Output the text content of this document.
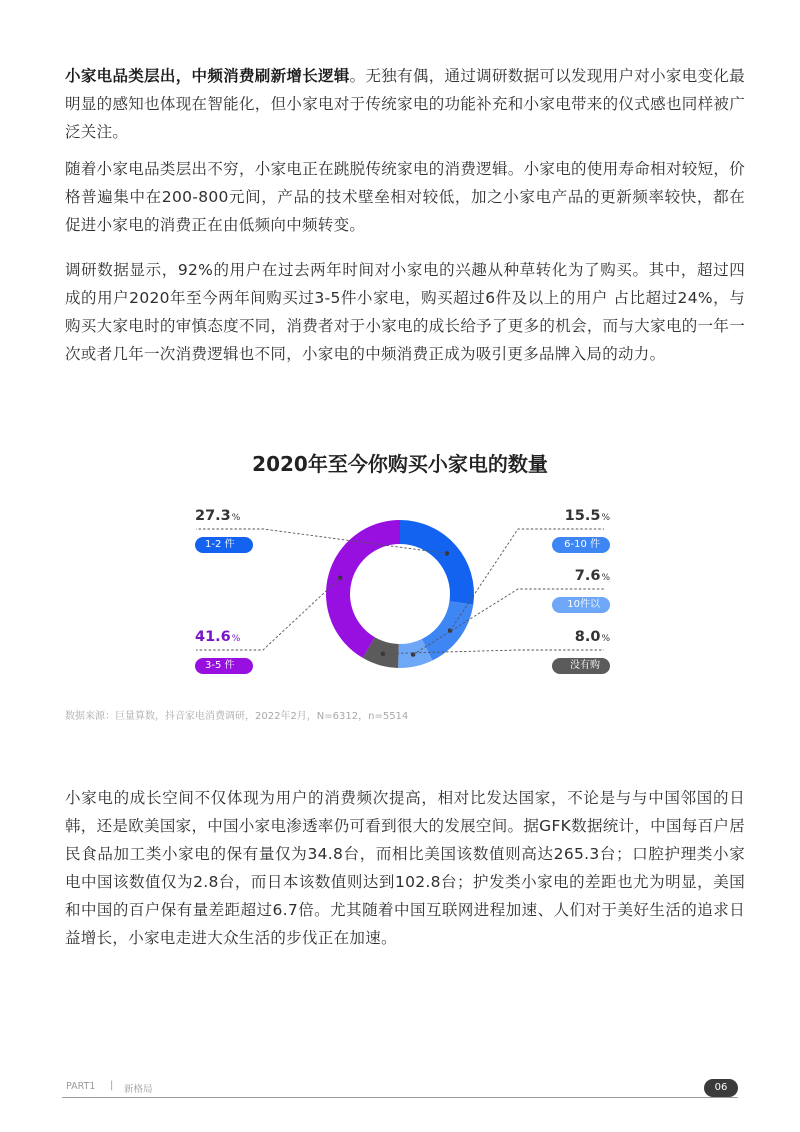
小家电品类层出，中频消费刷新增长逻辑。无独有偶，通过调研数据可以发现用户对小家电变化最明显的感知也体现在智能化，但小家电对于传统家电的功能补充和小家电带来的仪式感也同样被广泛关注。

随着小家电品类层出不穷，小家电正在跳脱传统家电的消费逻辑。小家电的使用寿命相对较短，价格普遍集中在200-800元间，产品的技术壁垒相对较低，加之小家电产品的更新频率较快，都在促进小家电的消费正在由低频向中频转变。

调研数据显示，92%的用户在过去两年时间对小家电的兴趣从种草转化为了购买。其中，超过四成的用户2020年至今两年间购买过3-5件小家电，购买超过6件及以上的用户 占比超过24%，与购买大家电时的审慎态度不同，消费者对于小家电的成长给予了更多的机会，而与大家电的一年一次或者几年一次消费逻辑也不同，小家电的中频消费正成为吸引更多品牌入局的动力。

2020年至今你购买小家电的数量
27.3%
1-2 件
15.5%
6-10 件
7.6%
10件以上
8.0%
没有购买
41.6%
3-5 件

数据来源：巨量算数，抖音家电消费调研，2022年2月，N=6312，n=5514

小家电的成长空间不仅体现为用户的消费频次提高，相对比发达国家，不论是与与中国邻国的日韩，还是欧美国家，中国小家电渗透率仍可看到很大的发展空间。据GFK数据统计，中国每百户居民食品加工类小家电的保有量仅为34.8台，而相比美国该数值则高达265.3台；口腔护理类小家电中国该数值仅为2.8台，而日本该数值则达到102.8台；护发类小家电的差距也尤为明显，美国和中国的百户保有量差距超过6.7倍。尤其随着中国互联网进程加速、人们对于美好生活的追求日益增长，小家电走进大众生活的步伐正在加速。

PART1 | 新格局	06
